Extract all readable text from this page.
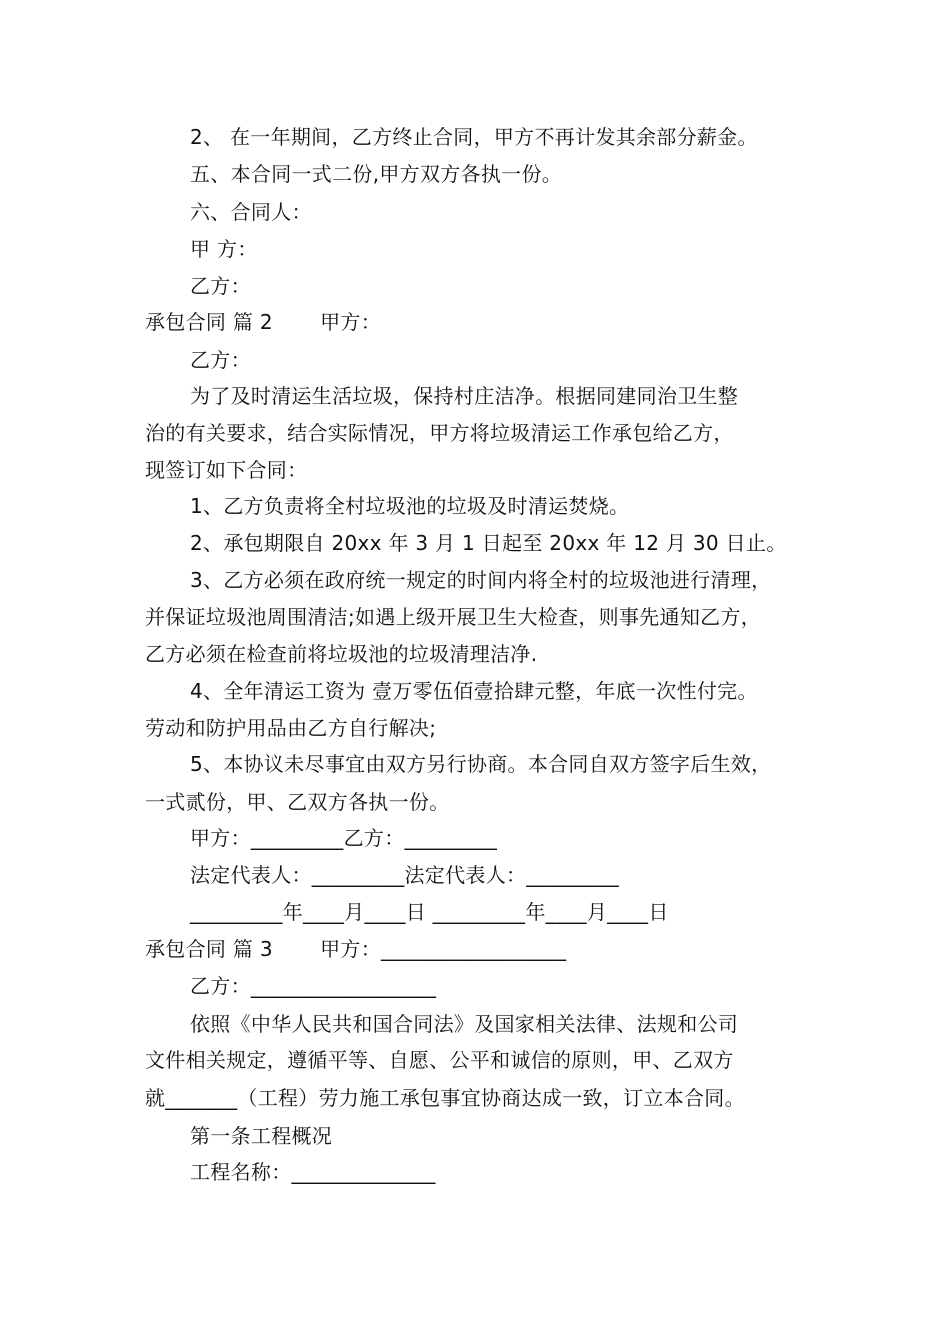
2、 在一年期间，乙方终止合同，甲方不再计发其余部分薪金。
五、本合同一式二份,甲方双方各执一份。
六、合同人：
甲 方：
乙方：
承包合同 篇 2　　 甲方：
乙方：
为了及时清运生活垃圾，保持村庄洁净。根据同建同治卫生整
治的有关要求，结合实际情况，甲方将垃圾清运工作承包给乙方，
现签订如下合同：
1、乙方负责将全村垃圾池的垃圾及时清运焚烧。
2、承包期限自 20xx 年 3 月 1 日起至 20xx 年 12 月 30 日止。
3、乙方必须在政府统一规定的时间内将全村的垃圾池进行清理，
并保证垃圾池周围清洁;如遇上级开展卫生大检查，则事先通知乙方，
乙方必须在检查前将垃圾池的垃圾清理洁净.
4、全年清运工资为 壹万零伍佰壹拾肆元整，年底一次性付完。
劳动和防护用品由乙方自行解决;
5、本协议未尽事宜由双方另行协商。本合同自双方签字后生效，
一式贰份，甲、乙双方各执一份。
甲方：_________乙方：_________
法定代表人：_________法定代表人：_________
_________年____月____日 _________年____月____日
承包合同 篇 3　　 甲方：__________________
乙方：__________________
依照《中华人民共和国合同法》及国家相关法律、法规和公司
文件相关规定，遵循平等、自愿、公平和诚信的原则，甲、乙双方
就_______（工程）劳力施工承包事宜协商达成一致，订立本合同。
第一条工程概况
工程名称：______________
